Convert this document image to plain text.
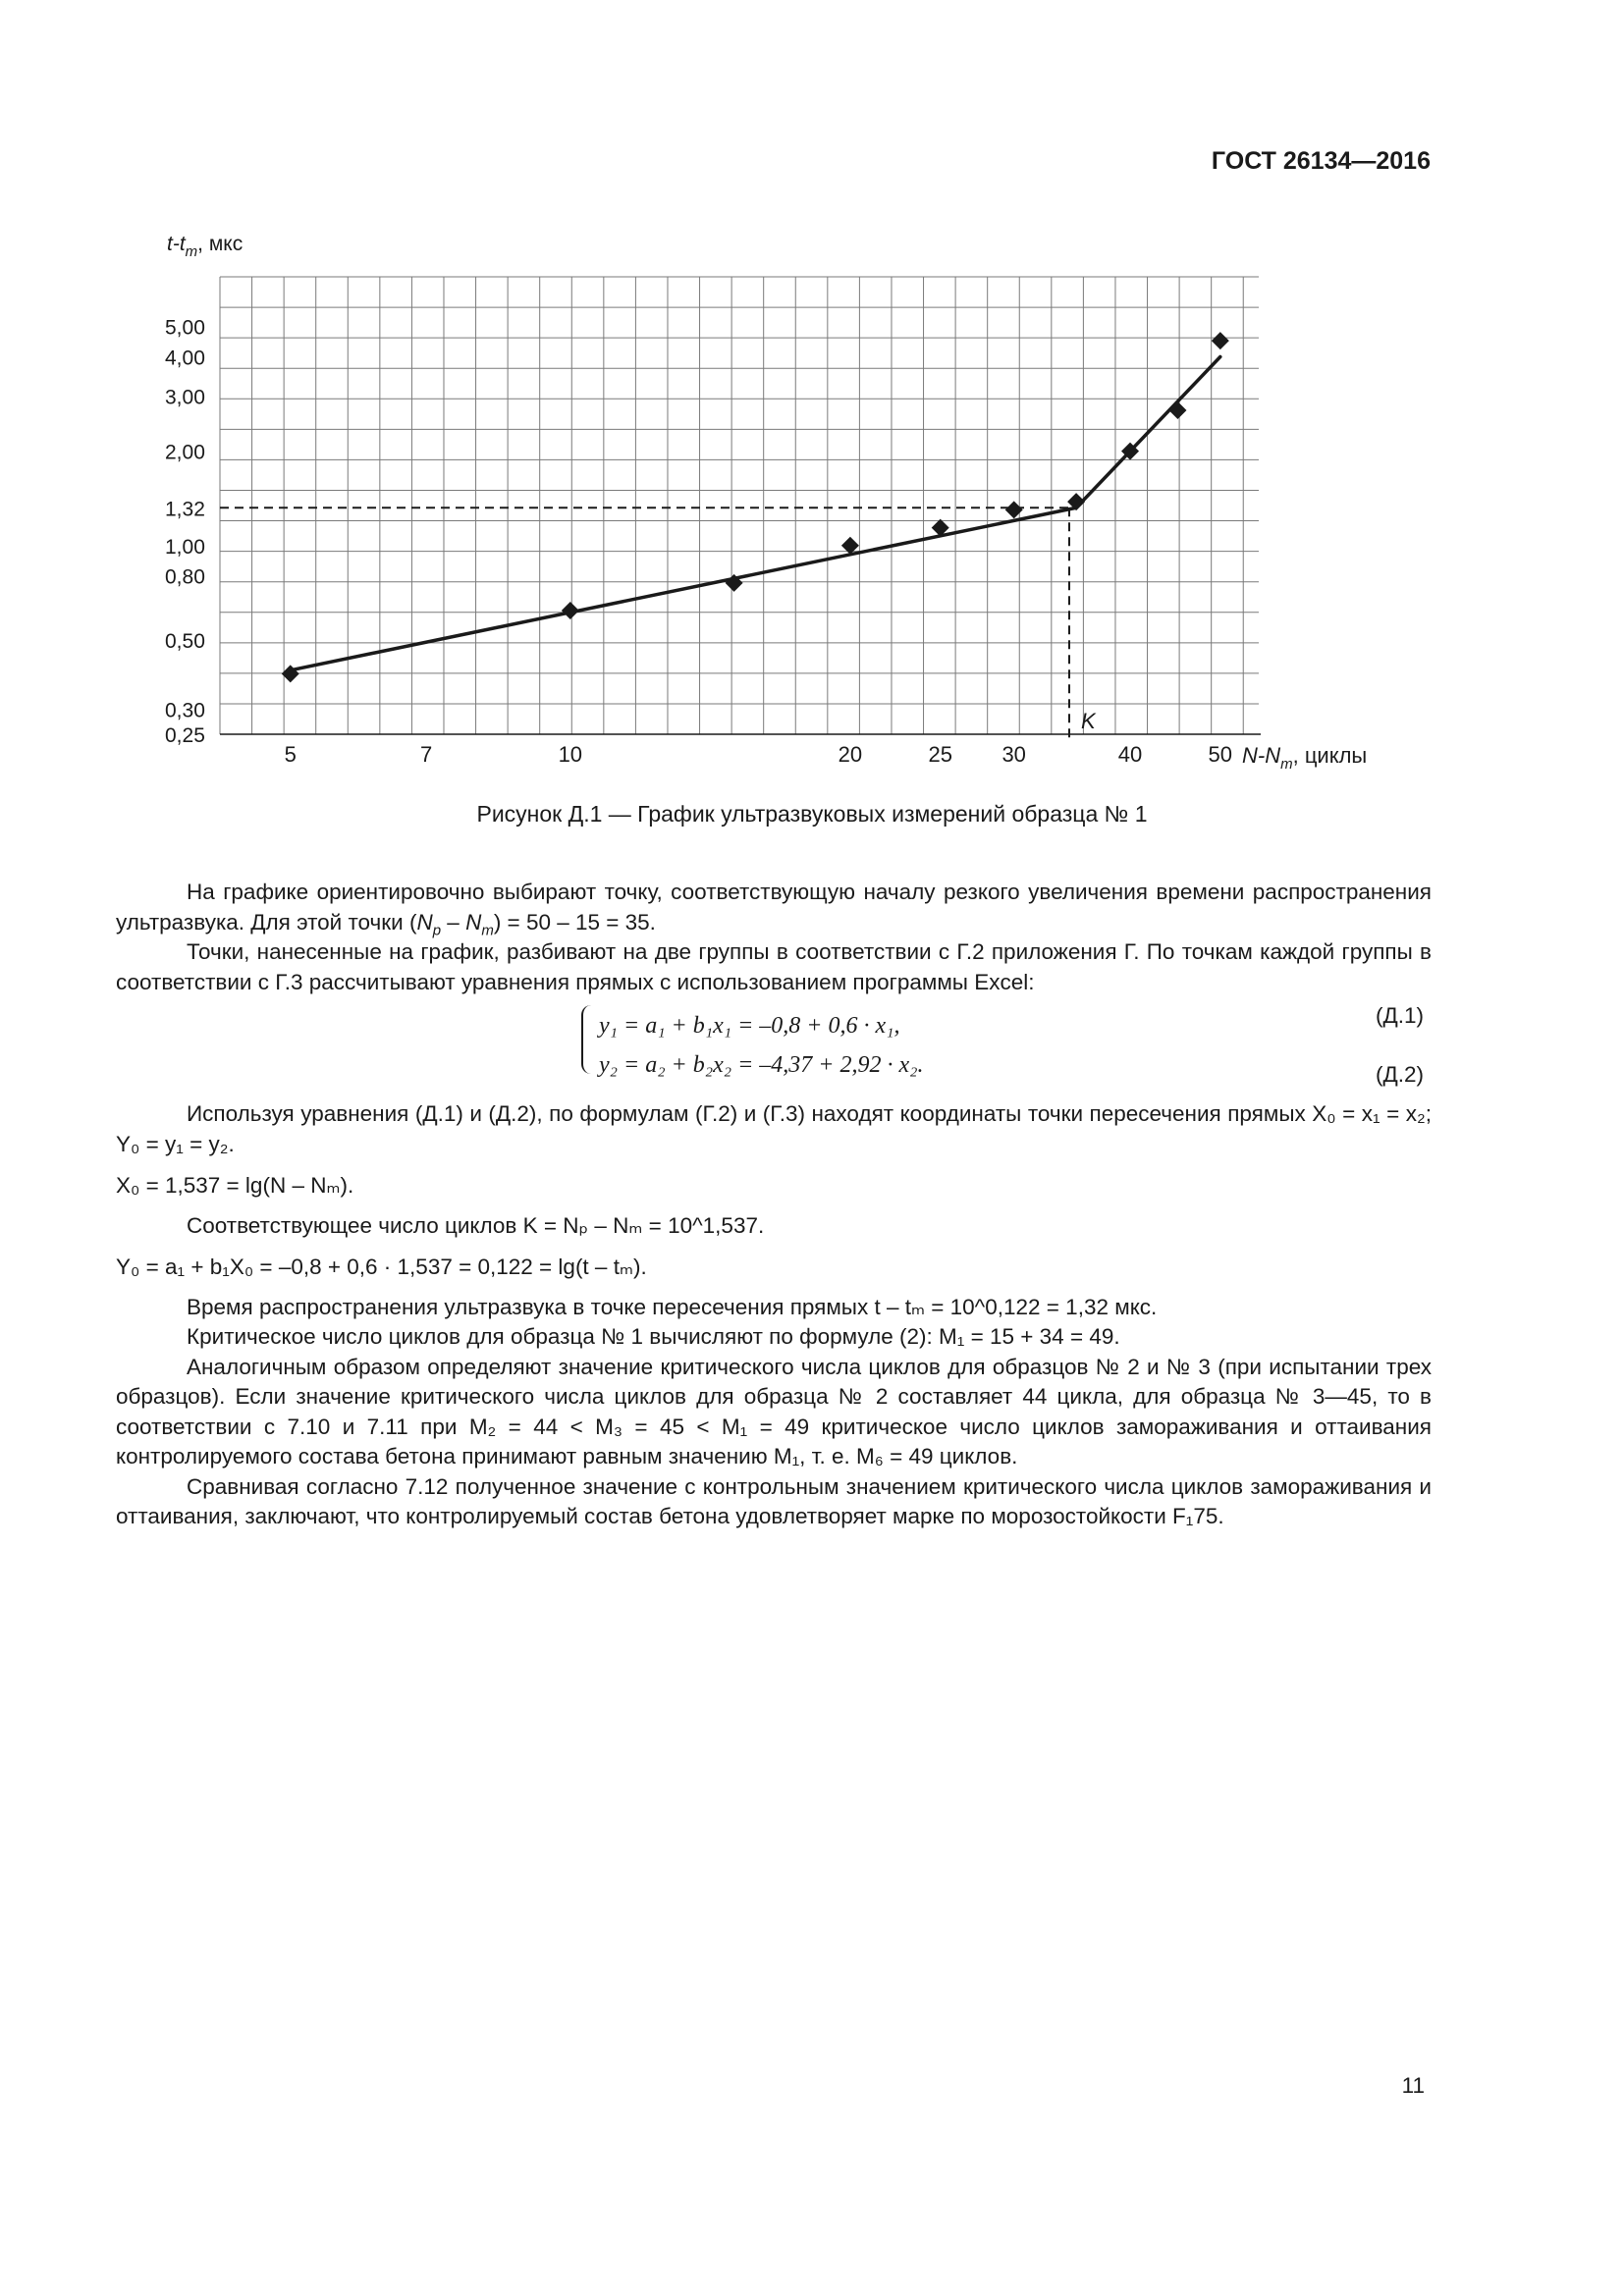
ГОСТ 26134—2016
0,25
0,30
0,50
0,80
1,00
1,32
2,00
3,00
4,00
5,00
5	7	10	20	25 30	40	50
$t-t_m$, мкс
$N-N_m$, циклы
K
Рисунок Д.1 — График ультразвуковых измерений образца № 1

На графике ориентировочно выбирают точку, соответствующую началу резкого увеличения времени распространения ультразвука. Для этой точки $(N_p - N_m) = 50 - 15 = 35$.

Точки, нанесенные на график, разбивают на две группы в соответствии с Г.2 приложения Г. По точкам каждой группы в соответствии с Г.3 рассчитывают уравнения прямых с использованием программы Excel:

y₁ = a₁ + b₁x₁ = –0,8 + 0,6 · x₁,	(Д.1)
y₂ = a₂ + b₂x₂ = –4,37 + 2,92 · x₂.	(Д.2)

Используя уравнения (Д.1) и (Д.2), по формулам (Г.2) и (Г.3) находят координаты точки пересечения прямых X₀ = x₁ = x₂; Y₀ = y₁ = y₂.

X₀ = 1,537 = lg(N – Nₘ).

Соответствующее число циклов K = Nₚ – Nₘ = 10^1,537.

Y₀ = a₁ + b₁X₀ = –0,8 + 0,6 · 1,537 = 0,122 = lg(t – tₘ).

Время распространения ультразвука в точке пересечения прямых t – tₘ = 10^0,122 = 1,32 мкс.

Критическое число циклов для образца № 1 вычисляют по формуле (2): M₁ = 15 + 34 = 49.

Аналогичным образом определяют значение критического числа циклов для образцов № 2 и № 3 (при испытании трех образцов). Если значение критического числа циклов для образца № 2 составляет 44 цикла, для образца № 3—45, то в соответствии с 7.10 и 7.11 при M₂ = 44 < M₃ = 45 < M₁ = 49 критическое число циклов замораживания и оттаивания контролируемого состава бетона принимают равным значению M₁, т. е. M₆ = 49 циклов.

Сравнивая согласно 7.12 полученное значение с контрольным значением критического числа циклов замораживания и оттаивания, заключают, что контролируемый состав бетона удовлетворяет марке по морозостойкости F₁75.

11
